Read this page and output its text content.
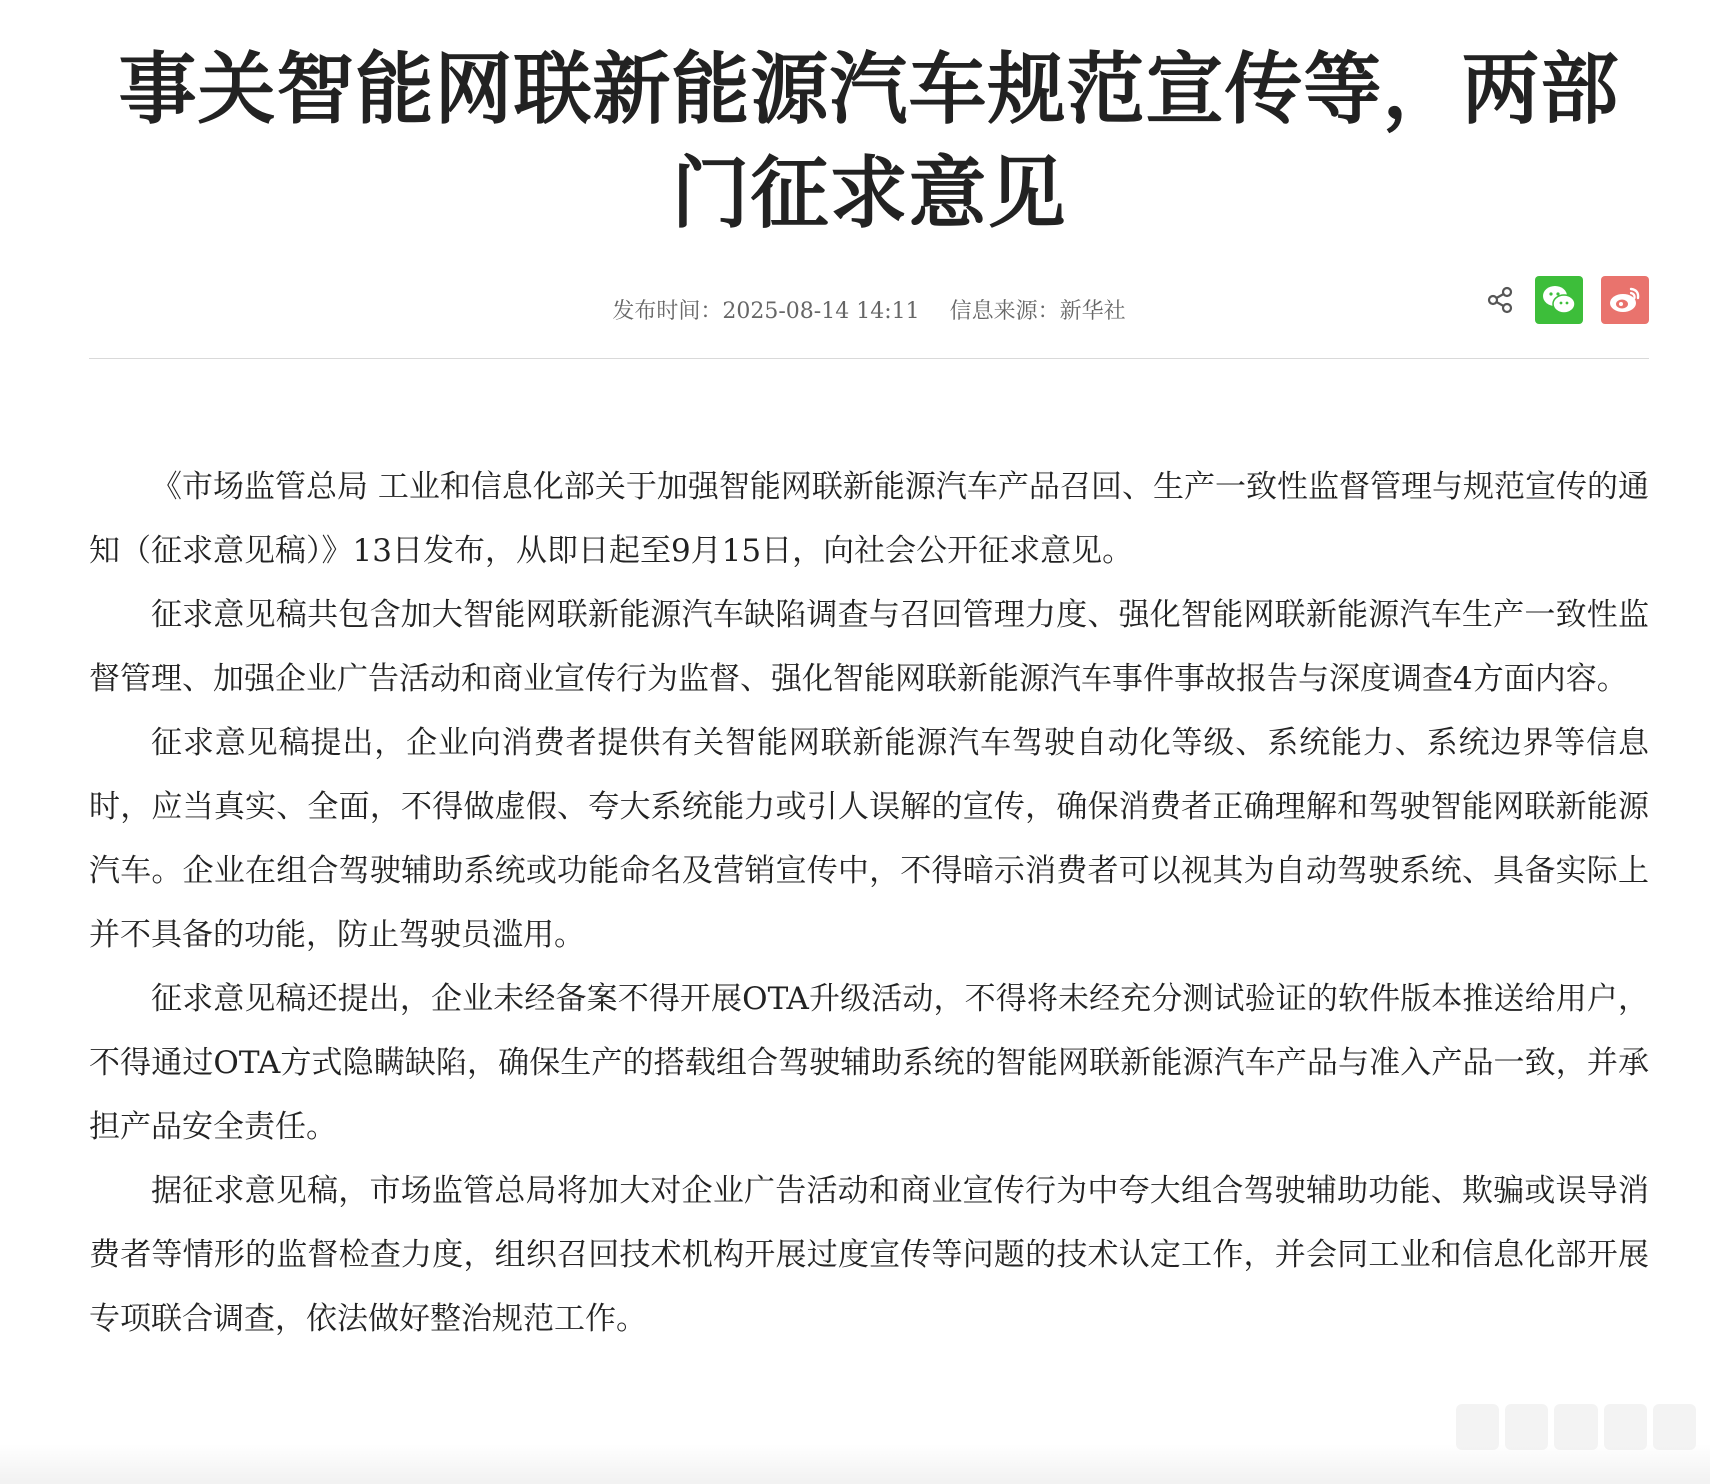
事关智能网联新能源汽车规范宣传等，两部门征求意见
发布时间：2025-08-14 14:11 信息来源：新华社

《市场监管总局 工业和信息化部关于加强智能网联新能源汽车产品召回、生产一致性监督管理与规范宣传的通知（征求意见稿）》13日发布，从即日起至9月15日，向社会公开征求意见。

征求意见稿共包含加大智能网联新能源汽车缺陷调查与召回管理力度、强化智能网联新能源汽车生产一致性监督管理、加强企业广告活动和商业宣传行为监督、强化智能网联新能源汽车事件事故报告与深度调查4方面内容。

征求意见稿提出，企业向消费者提供有关智能网联新能源汽车驾驶自动化等级、系统能力、系统边界等信息时，应当真实、全面，不得做虚假、夸大系统能力或引人误解的宣传，确保消费者正确理解和驾驶智能网联新能源汽车。企业在组合驾驶辅助系统或功能命名及营销宣传中，不得暗示消费者可以视其为自动驾驶系统、具备实际上并不具备的功能，防止驾驶员滥用。

征求意见稿还提出，企业未经备案不得开展OTA升级活动，不得将未经充分测试验证的软件版本推送给用户，不得通过OTA方式隐瞒缺陷，确保生产的搭载组合驾驶辅助系统的智能网联新能源汽车产品与准入产品一致，并承担产品安全责任。

据征求意见稿，市场监管总局将加大对企业广告活动和商业宣传行为中夸大组合驾驶辅助功能、欺骗或误导消费者等情形的监督检查力度，组织召回技术机构开展过度宣传等问题的技术认定工作，并会同工业和信息化部开展专项联合调查，依法做好整治规范工作。
